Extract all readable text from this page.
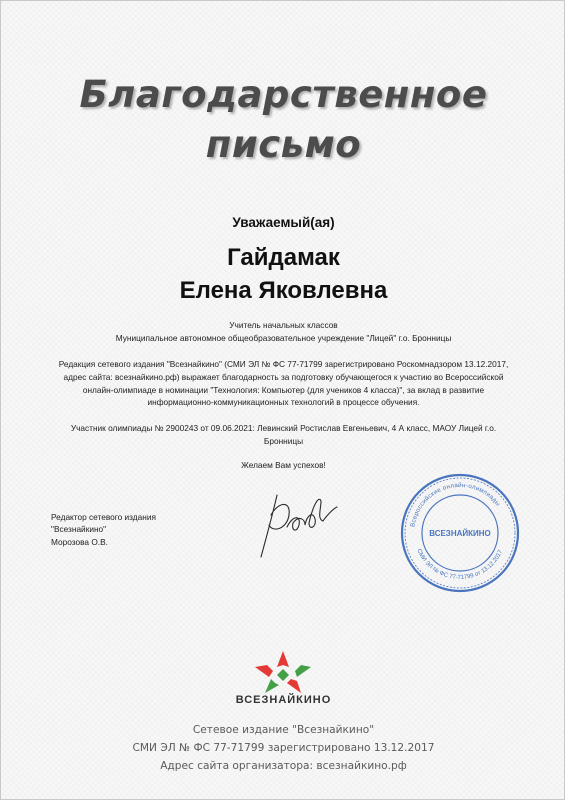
Благодарственное
письмо
Уважаемый(ая)
Гайдамак
Елена Яковлевна
Учитель начальных классов
Муниципальное автономное общеобразовательное учреждение "Лицей" г.о. Бронницы
Редакция сетевого издания "Всезнайкино" (СМИ ЭЛ № ФС 77-71799 зарегистрировано Роскомнадзором 13.12.2017, адрес сайта: всезнайкино.рф) выражает благодарность за подготовку обучающегося к участию во Всероссийской онлайн-олимпиаде в номинации "Технология: Компьютер (для учеников 4 класса)", за вклад в развитие информационно-коммуникационных технологий в процессе обучения.
Участник олимпиады № 2900243 от 09.06.2021: Левинский Ростислав Евгеньевич, 4 А класс, МАОУ Лицей г.о. Бронницы
Желаем Вам успехов!
Редактор сетевого издания
"Всезнайкино"
Морозова О.В.
Всероссийские онлайн-олимпиады
СМИ ЭЛ № ФС 77-71799 от 13.12.2017
ВСЕЗНАЙКИНО
ВСЕЗНАЙКИНО
Сетевое издание "Всезнайкино"
СМИ ЭЛ № ФС 77-71799 зарегистрировано 13.12.2017
Адрес сайта организатора: всезнайкино.рф
